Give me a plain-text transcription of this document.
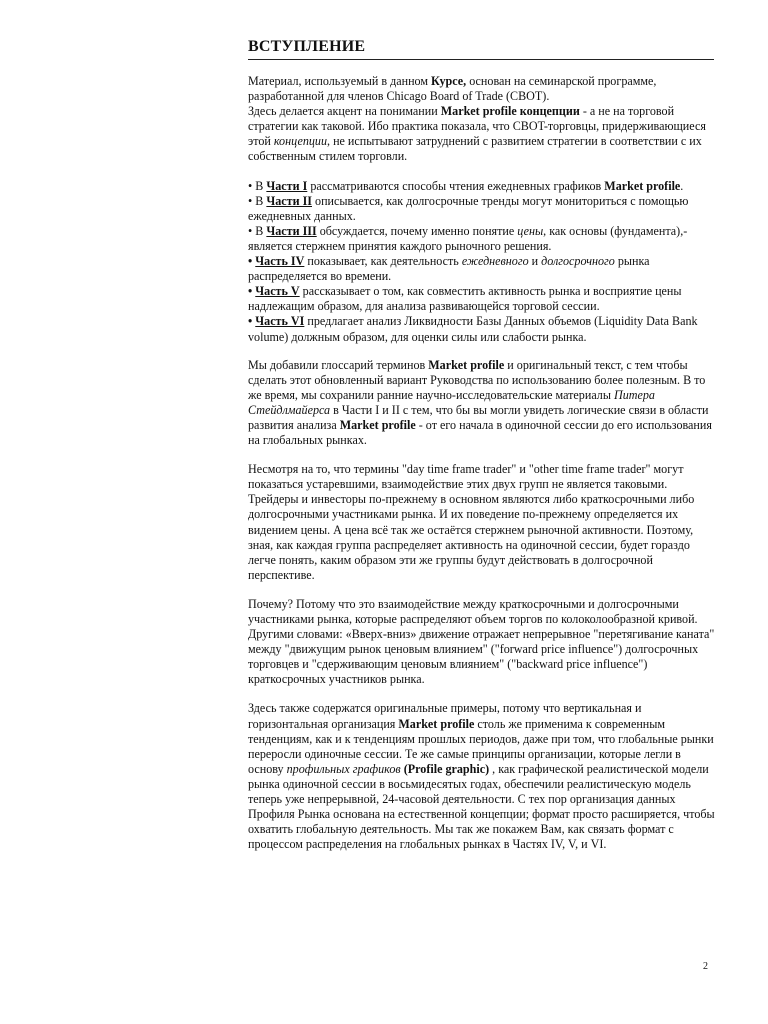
ВСТУПЛЕНИЕ

Материал, используемый в данном Курсе, основан на семинарской программе, разработанной для членов Chicago Board of Trade (CBOT).
Здесь делается акцент на понимании Market profile концепции - а не на торговой стратегии как таковой. Ибо практика показала, что CBOT-торговцы, придерживающиеся этой концепции, не испытывают затруднений с развитием стратегии в соответствии с их собственным стилем торговли.

• В Части I рассматриваются способы чтения ежедневных графиков Market profile.
• В Части II описывается, как долгосрочные тренды могут мониториться с помощью ежедневных данных.
• В Части III обсуждается, почему именно понятие цены, как основы (фундамента),- является стержнем принятия каждого рыночного решения.
• Часть IV показывает, как деятельность ежедневного и долгосрочного рынка распределяется во времени.
• Часть V рассказывает о том, как совместить активность рынка и восприятие цены надлежащим образом, для анализа развивающейся торговой сессии.
• Часть VI предлагает анализ Ликвидности Базы Данных объемов (Liquidity Data Bank volume) должным образом, для оценки силы или слабости рынка.

Мы добавили глоссарий терминов Market profile и оригинальный текст, с тем чтобы сделать этот обновленный вариант Руководства по использованию более полезным. В то же время, мы сохранили ранние научно-исследовательские материалы Питера Стейдлмайерса в Части I и II с тем, что бы вы могли увидеть логические связи в области развития анализа Market profile - от его начала в одиночной сессии до его использования на глобальных рынках.

Несмотря на то, что термины "day time frame trader" и "other time frame trader" могут показаться устаревшими, взаимодействие этих двух групп не является таковыми. Трейдеры и инвесторы по-прежнему в основном являются либо краткосрочными либо долгосрочными участниками рынка. И их поведение по-прежнему определяется их видением цены. А цена всё так же остаётся стержнем рыночной активности. Поэтому, зная, как каждая группа распределяет активность на одиночной сессии, будет гораздо легче понять, каким образом эти же группы будут действовать в долгосрочной перспективе.

Почему? Потому что это взаимодействие между краткосрочными и долгосрочными участниками рынка, которые распределяют объем торгов по колоколообразной кривой. Другими словами: «Вверх-вниз» движение отражает непрерывное "перетягивание каната" между "движущим рынок ценовым влиянием" ("forward price influence") долгосрочных торговцев и "сдерживающим ценовым влиянием" ("backward price influence") краткосрочных участников рынка.

Здесь также содержатся оригинальные примеры, потому что вертикальная и горизонтальная организация Market profile столь же применима к современным тенденциям, как и к тенденциям прошлых периодов, даже при том, что глобальные рынки переросли одиночные сессии. Те же самые принципы организации, которые легли в основу профильных графиков (Profile graphic) , как графической реалистической модели рынка одиночной сессии в восьмидесятых годах, обеспечили реалистическую модель теперь уже непрерывной, 24-часовой деятельности. С тех пор организация данных Профиля Рынка основана на естественной концепции; формат просто расширяется, чтобы охватить глобальную деятельность. Мы так же покажем Вам, как связать формат с процессом распределения на глобальных рынках в Частях IV, V, и VI.

2
